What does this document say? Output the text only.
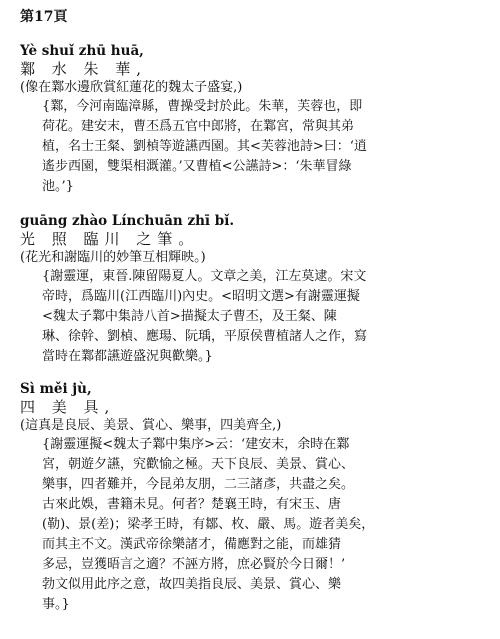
第17頁
Yè shuǐ zhū huā,
鄴 水 朱 華,
(像在鄴水邊欣賞紅蓮花的魏太子盛宴,)
{鄴，今河南臨漳縣，曹操受封於此。朱華，芙蓉也，即
荷花。建安末，曹丕爲五官中郎將，在鄴宮，常與其弟
植，名士王粲、劉楨等遊讌西園。其<芙蓉池詩>曰：‘逍
遙步西園，雙渠相溉灌。’又曹植<公讌詩>：‘朱華冒綠
池。’}
guāng zhào Línchuān zhī bǐ.
光 照 臨川 之筆。
(花光和謝臨川的妙筆互相輝映。)
{謝靈運，東晉.陳留陽夏人。文章之美，江左莫逮。宋文
帝時，爲臨川(江西臨川)內史。<昭明文選>有謝靈運擬
<魏太子鄴中集詩八首>描擬太子曹丕，及王粲、陳
琳、徐幹、劉楨、應瑒、阮瑀，平原侯曹植諸人之作，寫
當時在鄴都讌遊盛況與歡樂。}
Sì měi jù,
四 美 具,
(這真是良辰、美景、賞心、樂事，四美齊全,)
{謝靈運擬<魏太子鄴中集序>云：‘建安末，余時在鄴
宮，朝遊夕讌，究歡愉之極。天下良辰、美景、賞心、
樂事，四者難并，今昆弟友朋，二三諸彥，共盡之矣。
古來此娛，書籍未見。何者？楚襄王時，有宋玉、唐
(勒)、景(差)；梁孝王時，有鄒、枚、嚴、馬。遊者美矣，
而其主不文。漢武帝徐樂諸才，備應對之能，而雄猜
多忌，豈獲晤言之適？不誣方將，庶必賢於今日爾！’
勃文似用此序之意，故四美指良辰、美景、賞心、樂
事。}
